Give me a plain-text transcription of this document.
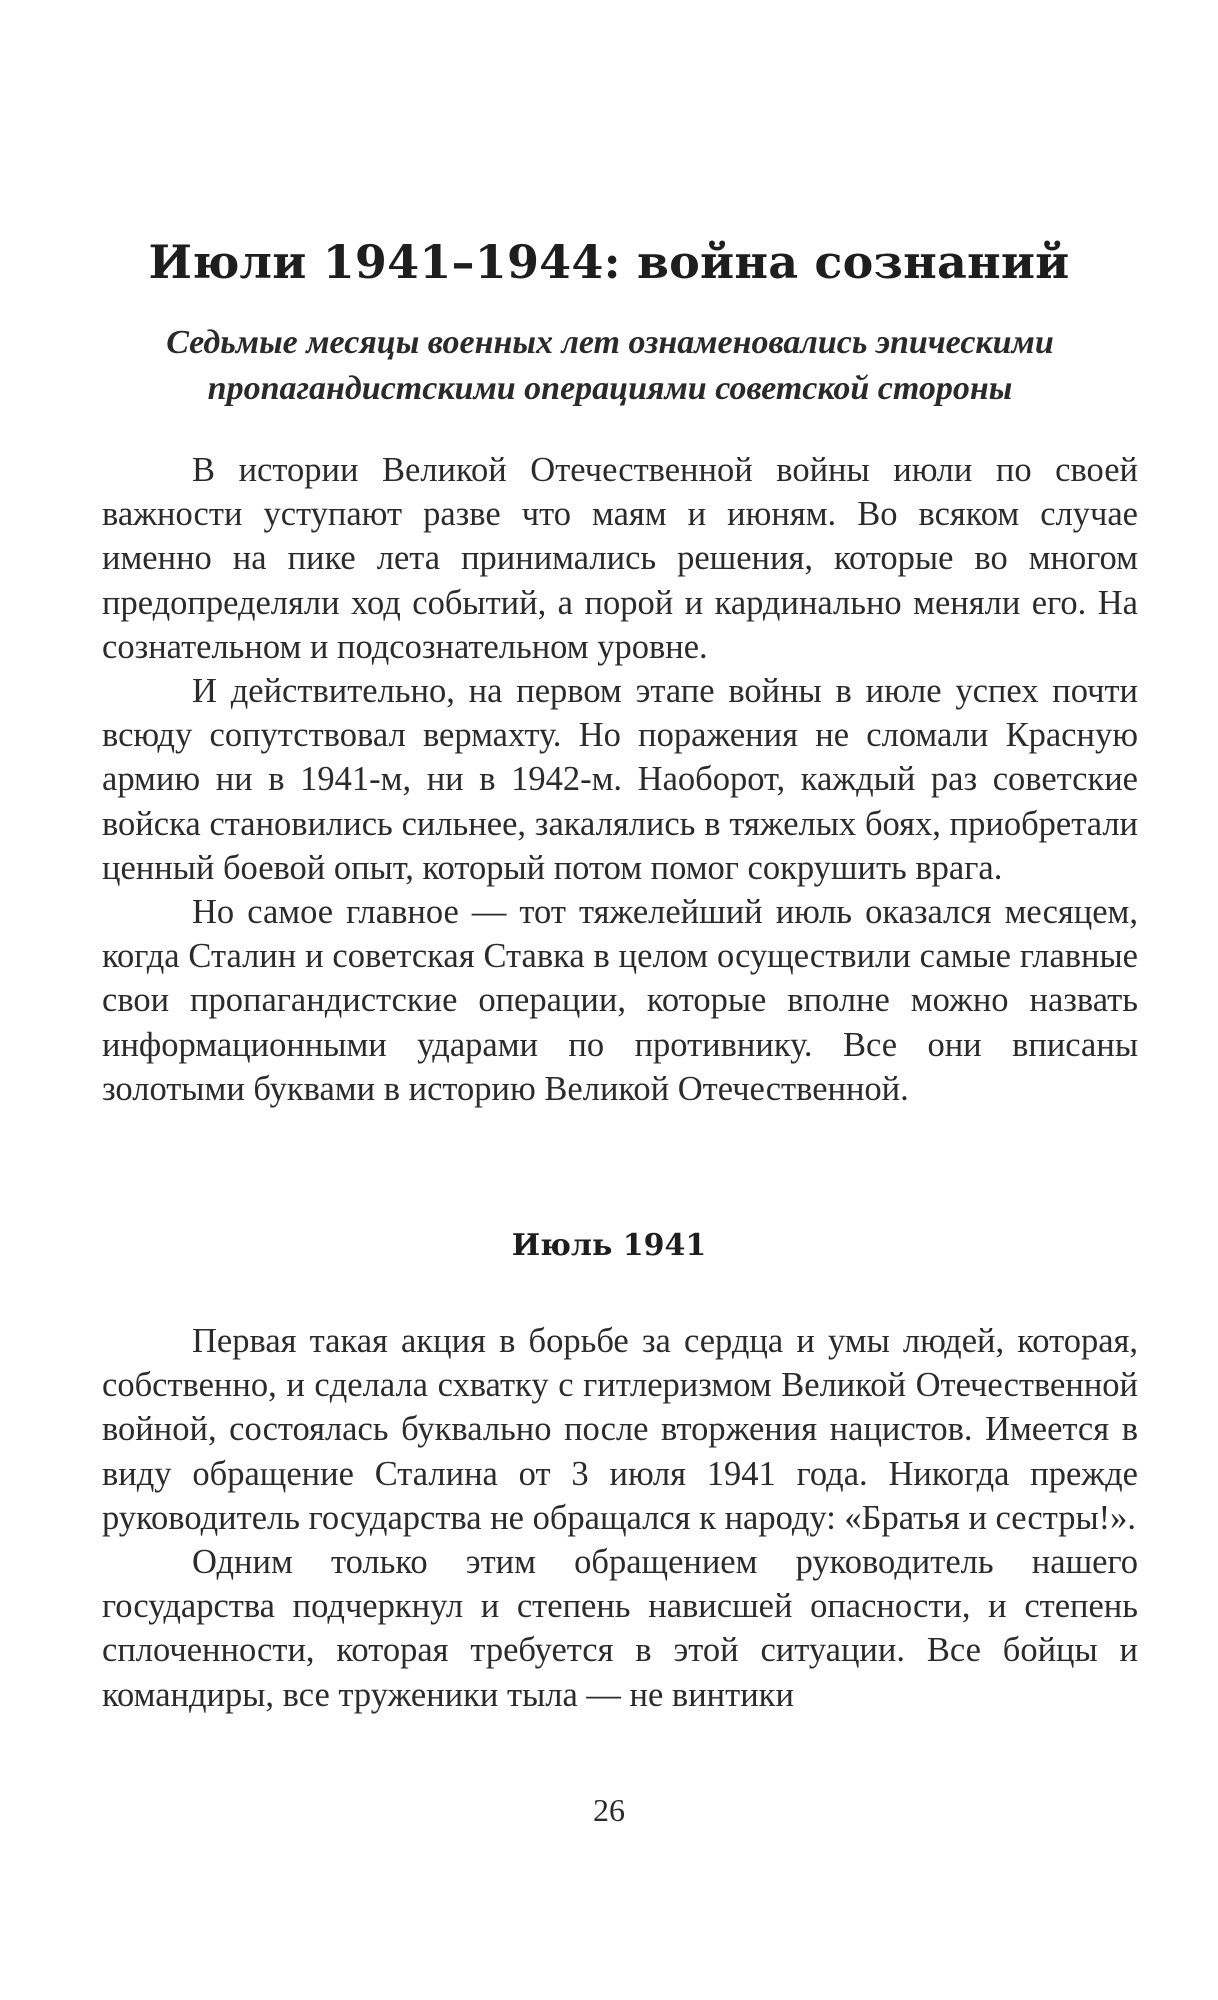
Июли 1941–1944: война сознаний
Седьмые месяцы военных лет ознаменовались эпическими пропагандистскими операциями советской стороны

В истории Великой Отечественной войны июли по своей важности уступают разве что маям и июням. Во всяком случае именно на пике лета принимались решения, которые во многом предопределяли ход событий, а порой и кардинально меняли его. На сознательном и подсознательном уровне.

И действительно, на первом этапе войны в июле успех почти всюду сопутствовал вермахту. Но поражения не сломали Красную армию ни в 1941-м, ни в 1942-м. Наоборот, каждый раз советские войска становились сильнее, закалялись в тяжелых боях, приобретали ценный боевой опыт, который потом помог сокрушить врага.

Но самое главное — тот тяжелейший июль оказался месяцем, когда Сталин и советская Ставка в целом осуществили самые главные свои пропагандистские операции, которые вполне можно назвать информационными ударами по противнику. Все они вписаны золотыми буквами в историю Великой Отечественной.

Июль 1941

Первая такая акция в борьбе за сердца и умы людей, которая, собственно, и сделала схватку с гитлеризмом Великой Отечественной войной, состоялась буквально после вторжения нацистов. Имеется в виду обращение Сталина от 3 июля 1941 года. Никогда прежде руководитель государства не обращался к народу: «Братья и сестры!».

Одним только этим обращением руководитель нашего государства подчеркнул и степень нависшей опасности, и степень сплоченности, которая требуется в этой ситуации. Все бойцы и командиры, все труженики тыла — не винтики

26
